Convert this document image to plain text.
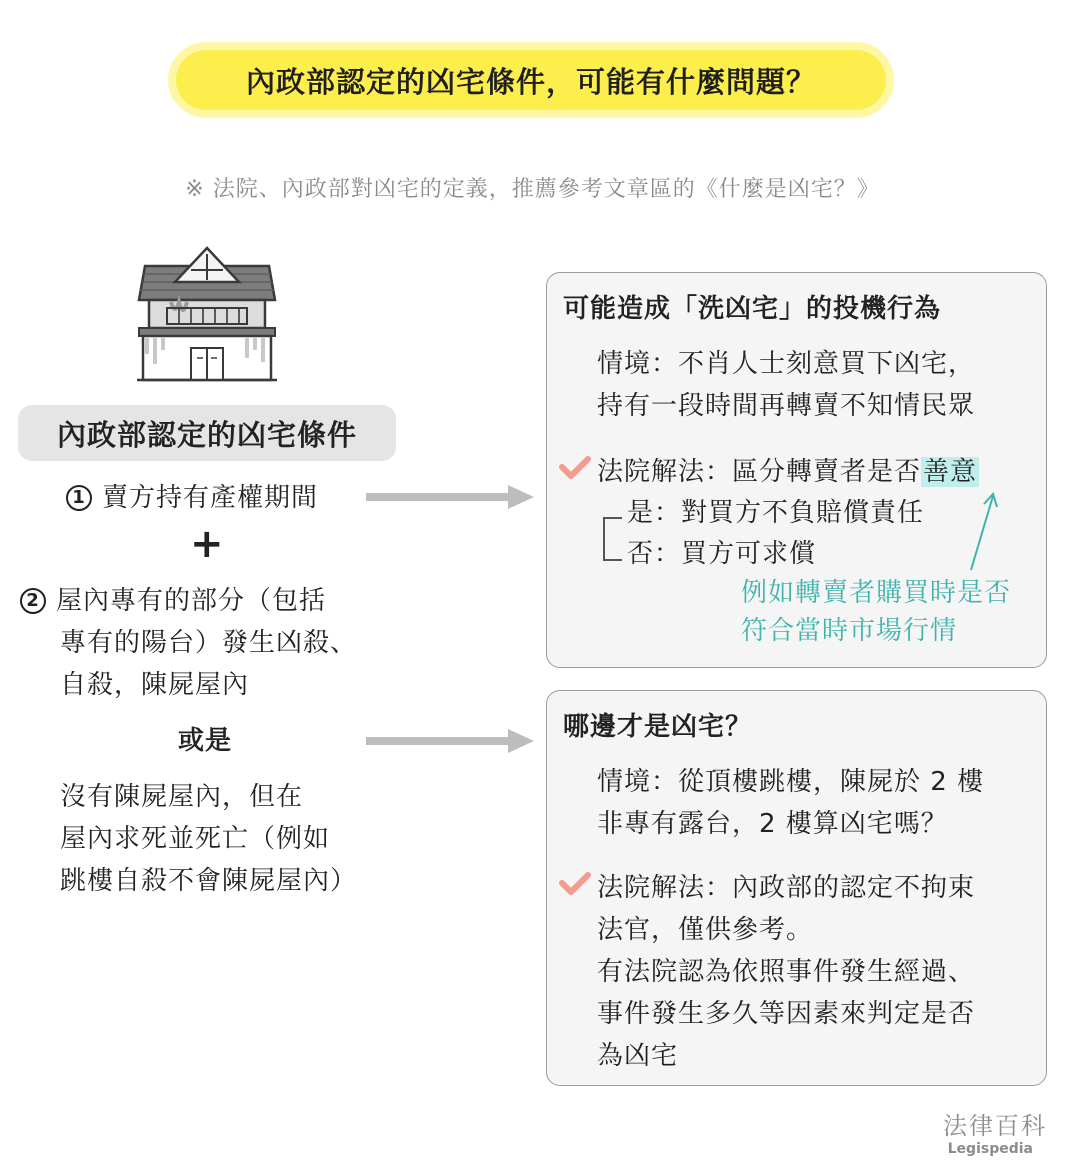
內政部認定的凶宅條件，可能有什麼問題？
※ 法院、內政部對凶宅的定義，推薦參考文章區的《什麼是凶宅？》
內政部認定的凶宅條件
1 賣方持有產權期間
+
2 屋內專有的部分（包括
專有的陽台）發生凶殺、
自殺，陳屍屋內
或是
沒有陳屍屋內，但在
屋內求死並死亡（例如
跳樓自殺不會陳屍屋內）
可能造成「洗凶宅」的投機行為
情境：不肖人士刻意買下凶宅，
持有一段時間再轉賣不知情民眾
法院解法：區分轉賣者是否善意
是：對買方不負賠償責任
否：買方可求償
例如轉賣者購買時是否
符合當時市場行情
哪邊才是凶宅？
情境：從頂樓跳樓，陳屍於 2 樓
非專有露台，2 樓算凶宅嗎？
法院解法：內政部的認定不拘束
法官，僅供參考。
有法院認為依照事件發生經過、
事件發生多久等因素來判定是否
為凶宅
法律百科
Legispedia
